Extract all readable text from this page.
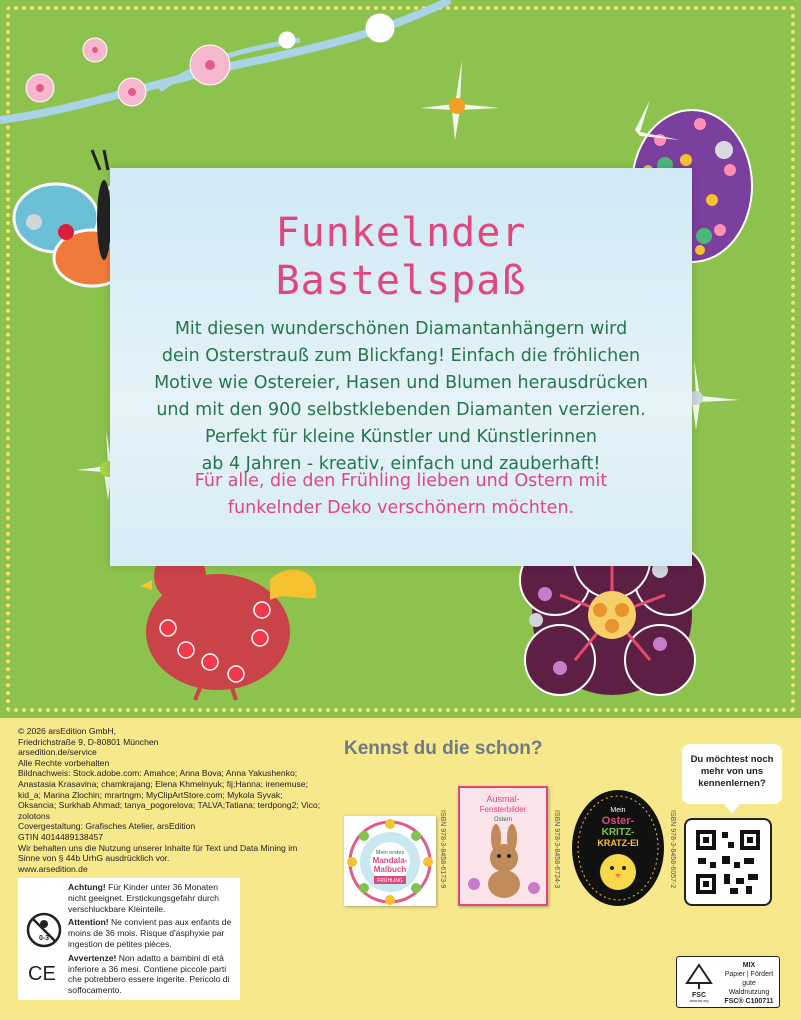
Funkelnder
Bastelspaß
Mit diesen wunderschönen Diamantanhängern wird
dein Osterstrauß zum Blickfang! Einfach die fröhlichen
Motive wie Ostereier, Hasen und Blumen herausdrücken
und mit den 900 selbstklebenden Diamanten verzieren.
Perfekt für kleine Künstler und Künstlerinnen
ab 4 Jahren - kreativ, einfach und zauberhaft!
Für alle, die den Frühling lieben und Ostern mit
funkelnder Deko verschönern möchten.
© 2026 arsEdition GmbH,
Friedrichstraße 9, D-80801 München
arsedition.de/service
Alle Rechte vorbehalten
Bildnachweis: Stock.adobe.com: Amahce; Anna Bova; Anna Yakushenko;
Anastasia Krasavina; chamkrajang; Elena Khmelnyuk; fij;Hanna; irenemuse;
kid_a; Marina Zlochin; mrartngm; MyClipArtStore.com; Mykola Syvak;
Oksancia; Surkhab Ahmad; tanya_pogorelova; TALVA;Tatiana; terdpong2; Vico;
zolotons
Covergestaltung: Grafisches Atelier, arsEdition
GTIN 4014489138457
Wir behalten uns die Nutzung unserer Inhalte für Text und Data Mining im
Sinne von § 44b UrhG ausdrücklich vor.
www.arsedition.de
0-3
CE

Achtung! Für Kinder unter 36 Monaten nicht geeignet. Erstickungsgefahr durch verschluckbare Kleinteile.

Attention! Ne convient pas aux enfants de moins de 36 mois. Risque d'asphyxie par ingestion de petites pièces.

Avvertenze! Non adatto a bambini di età inferiore a 36 mesi. Contiene piccole parti che potrebbero essere ingerite. Pericolo di soffocamento.

Kennst du die schon?
Mein erstes
Mandala-
Malbuch
FRÜHLING	ISBN 978-3-8458-6173-9
Ausmal-
Fensterbilder
Ostern	ISBN 978-3-8458-6724-3	Mein
Oster-
KRITZ-
KRATZ-EI	ISBN 978-3-8458-6057-2
Du möchtest noch mehr von uns kennenlernen?
FSC
www.fsc.org
MIX
Papier | Fördert
gute Waldnutzung
FSC® C100711
